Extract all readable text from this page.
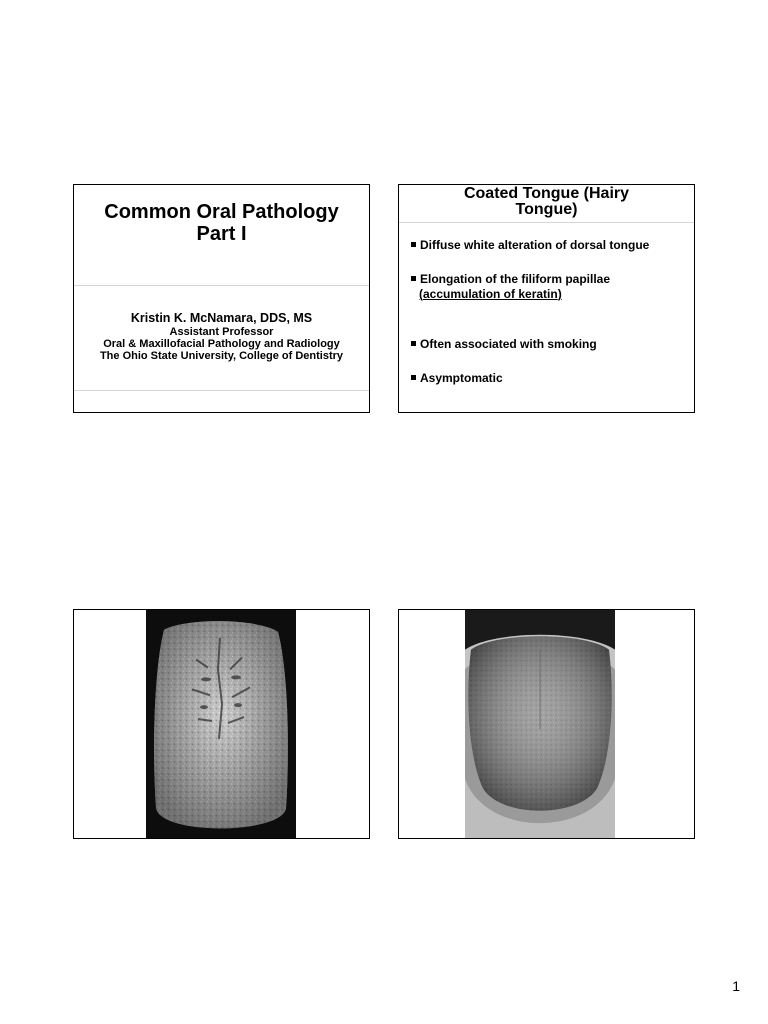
Common Oral Pathology
Part I
Kristin K. McNamara, DDS, MS
Assistant Professor
Oral & Maxillofacial Pathology and Radiology
The Ohio State University, College of Dentistry
Coated Tongue (Hairy
Tongue)
Diffuse white alteration of dorsal tongue
Elongation of the filiform papillae
(accumulation of keratin)
Often associated with smoking
Asymptomatic
1
